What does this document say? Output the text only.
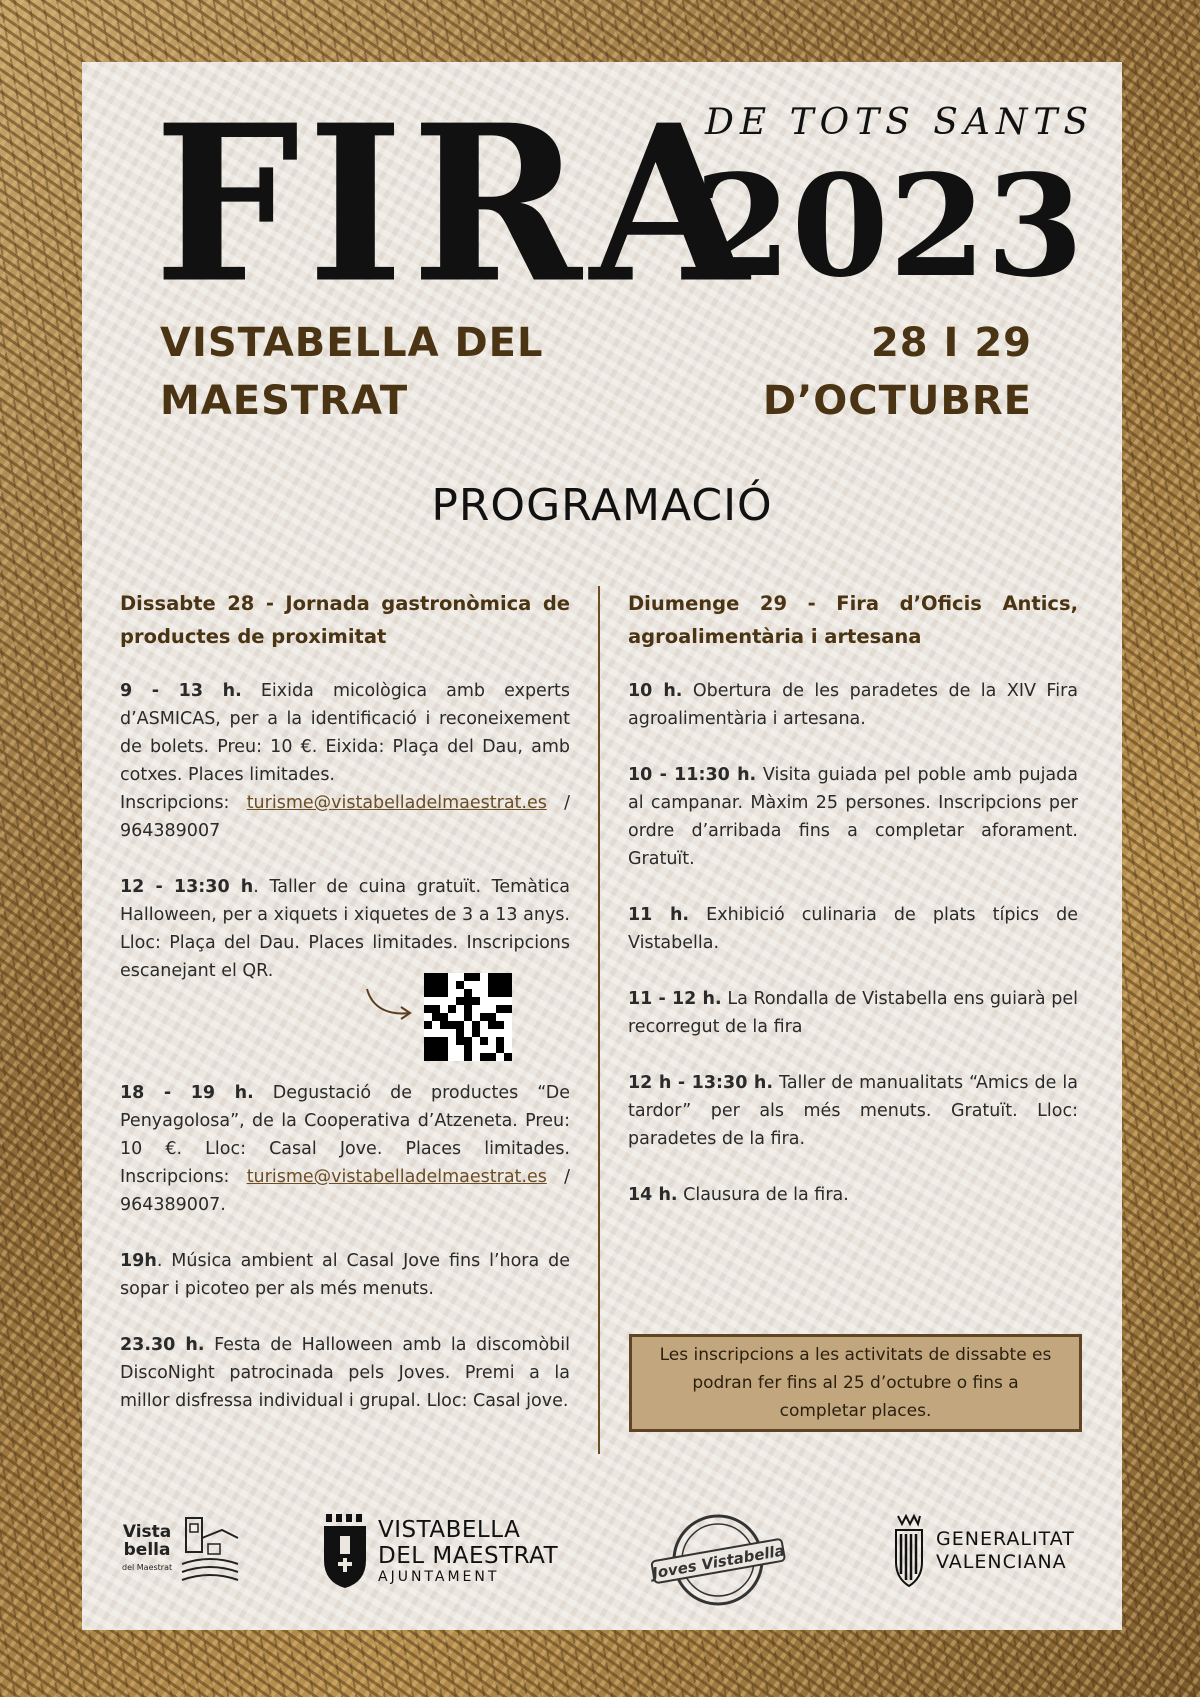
FIRA
DE TOTS SANTS
2023
VISTABELLA DEL
MAESTRAT
28 I 29
D’OCTUBRE
PROGRAMACIÓ
Dissabte 28 - Jornada gastronòmica de productes de proximitat
9 - 13 h. Eixida micològica amb experts d’ASMICAS, per a la identificació i reconeixement de bolets. Preu: 10 €. Eixida: Plaça del Dau, amb cotxes. Places limitades.
Inscripcions: turisme@vistabelladelmaestrat.es / 964389007
12 - 13:30 h. Taller de cuina gratuït. Temàtica Halloween, per a xiquets i xiquetes de 3 a 13 anys. Lloc: Plaça del Dau. Places limitades. Inscripcions escanejant el QR.
18 - 19 h. Degustació de productes “De Penyagolosa”, de la Cooperativa d’Atzeneta. Preu: 10 €. Lloc: Casal Jove. Places limitades. Inscripcions: turisme@vistabelladelmaestrat.es / 964389007.
19h. Música ambient al Casal Jove fins l’hora de sopar i picoteo per als més menuts.
23.30 h. Festa de Halloween amb la discomòbil DiscoNight patrocinada pels Joves. Premi a la millor disfressa individual i grupal. Lloc: Casal jove.
Diumenge 29 - Fira d’Oficis Antics, agroalimentària i artesana
10 h. Obertura de les paradetes de la XIV Fira agroalimentària i artesana.
10 - 11:30 h. Visita guiada pel poble amb pujada al campanar. Màxim 25 persones. Inscripcions per ordre d’arribada fins a completar aforament. Gratuït.
11 h. Exhibició culinaria de plats típics de Vistabella.
11 - 12 h. La Rondalla de Vistabella ens guiarà pel recorregut de la fira
12 h - 13:30 h. Taller de manualitats “Amics de la tardor” per als més menuts. Gratuït. Lloc: paradetes de la fira.
14 h. Clausura de la fira.
Les inscripcions a les activitats de dissabte es podran fer fins al 25 d’octubre o fins a completar places.
Vista
bella
del Maestrat
VISTABELLA
DEL MAESTRAT
AJUNTAMENT	Joves Vistabella
GENERALITAT
VALENCIANA
